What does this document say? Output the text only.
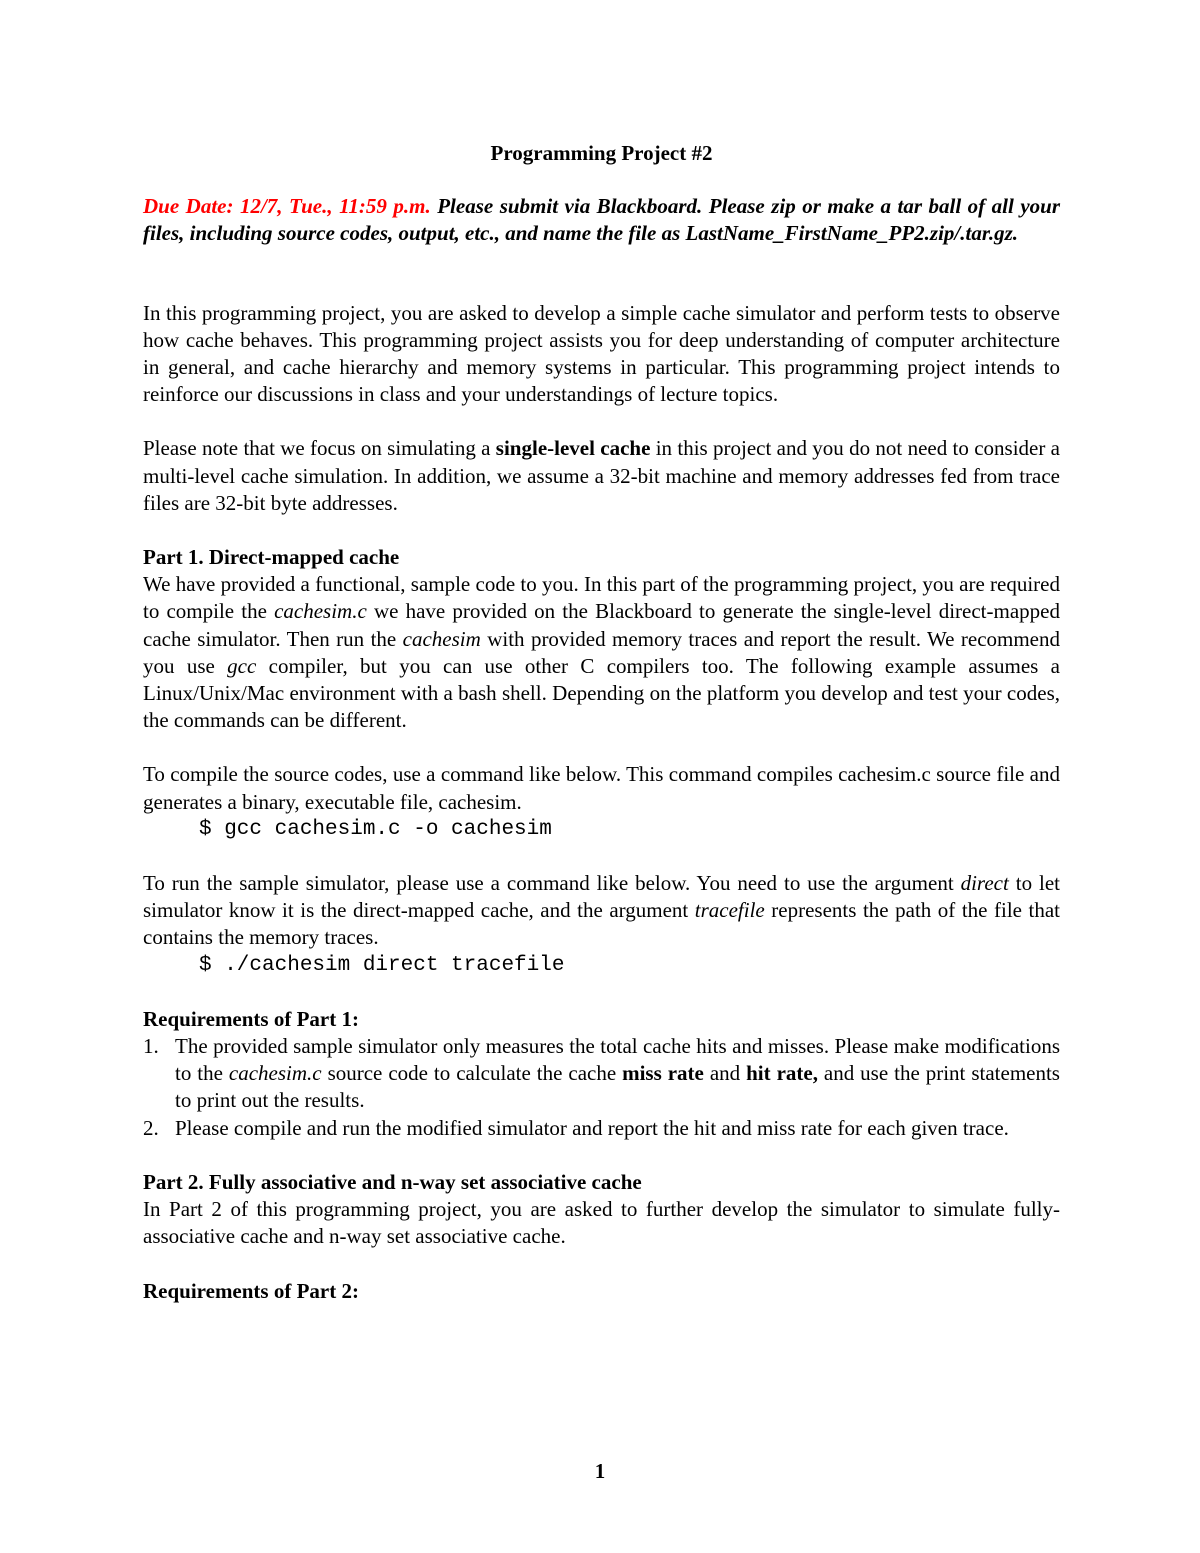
Programming Project #2
Due Date: 12/7, Tue., 11:59 p.m. Please submit via Blackboard. Please zip or make a tar ball of all your files, including source codes, output, etc., and name the file as LastName_FirstName_PP2.zip/.tar.gz.

In this programming project, you are asked to develop a simple cache simulator and perform tests to observe how cache behaves. This programming project assists you for deep understanding of computer architecture in general, and cache hierarchy and memory systems in particular. This programming project intends to reinforce our discussions in class and your understandings of lecture topics.

Please note that we focus on simulating a single-level cache in this project and you do not need to consider a multi-level cache simulation. In addition, we assume a 32-bit machine and memory addresses fed from trace files are 32-bit byte addresses.

Part 1. Direct-mapped cache

We have provided a functional, sample code to you. In this part of the programming project, you are required to compile the cachesim.c we have provided on the Blackboard to generate the single-level direct-mapped cache simulator. Then run the cachesim with provided memory traces and report the result. We recommend you use gcc compiler, but you can use other C compilers too. The following example assumes a Linux/Unix/Mac environment with a bash shell. Depending on the platform you develop and test your codes, the commands can be different.

To compile the source codes, use a command like below. This command compiles cachesim.c source file and generates a binary, executable file, cachesim.
$ gcc cachesim.c -o cachesim
To run the sample simulator, please use a command like below. You need to use the argument direct to let simulator know it is the direct-mapped cache, and the argument tracefile represents the path of the file that contains the memory traces.
$ ./cachesim direct tracefile
Requirements of Part 1:
1. The provided sample simulator only measures the total cache hits and misses. Please make modifications to the cachesim.c source code to calculate the cache miss rate and hit rate, and use the print statements to print out the results.
2. Please compile and run the modified simulator and report the hit and miss rate for each given trace.
Part 2. Fully associative and n-way set associative cache

In Part 2 of this programming project, you are asked to further develop the simulator to simulate fully-associative cache and n-way set associative cache.

Requirements of Part 2:
1
